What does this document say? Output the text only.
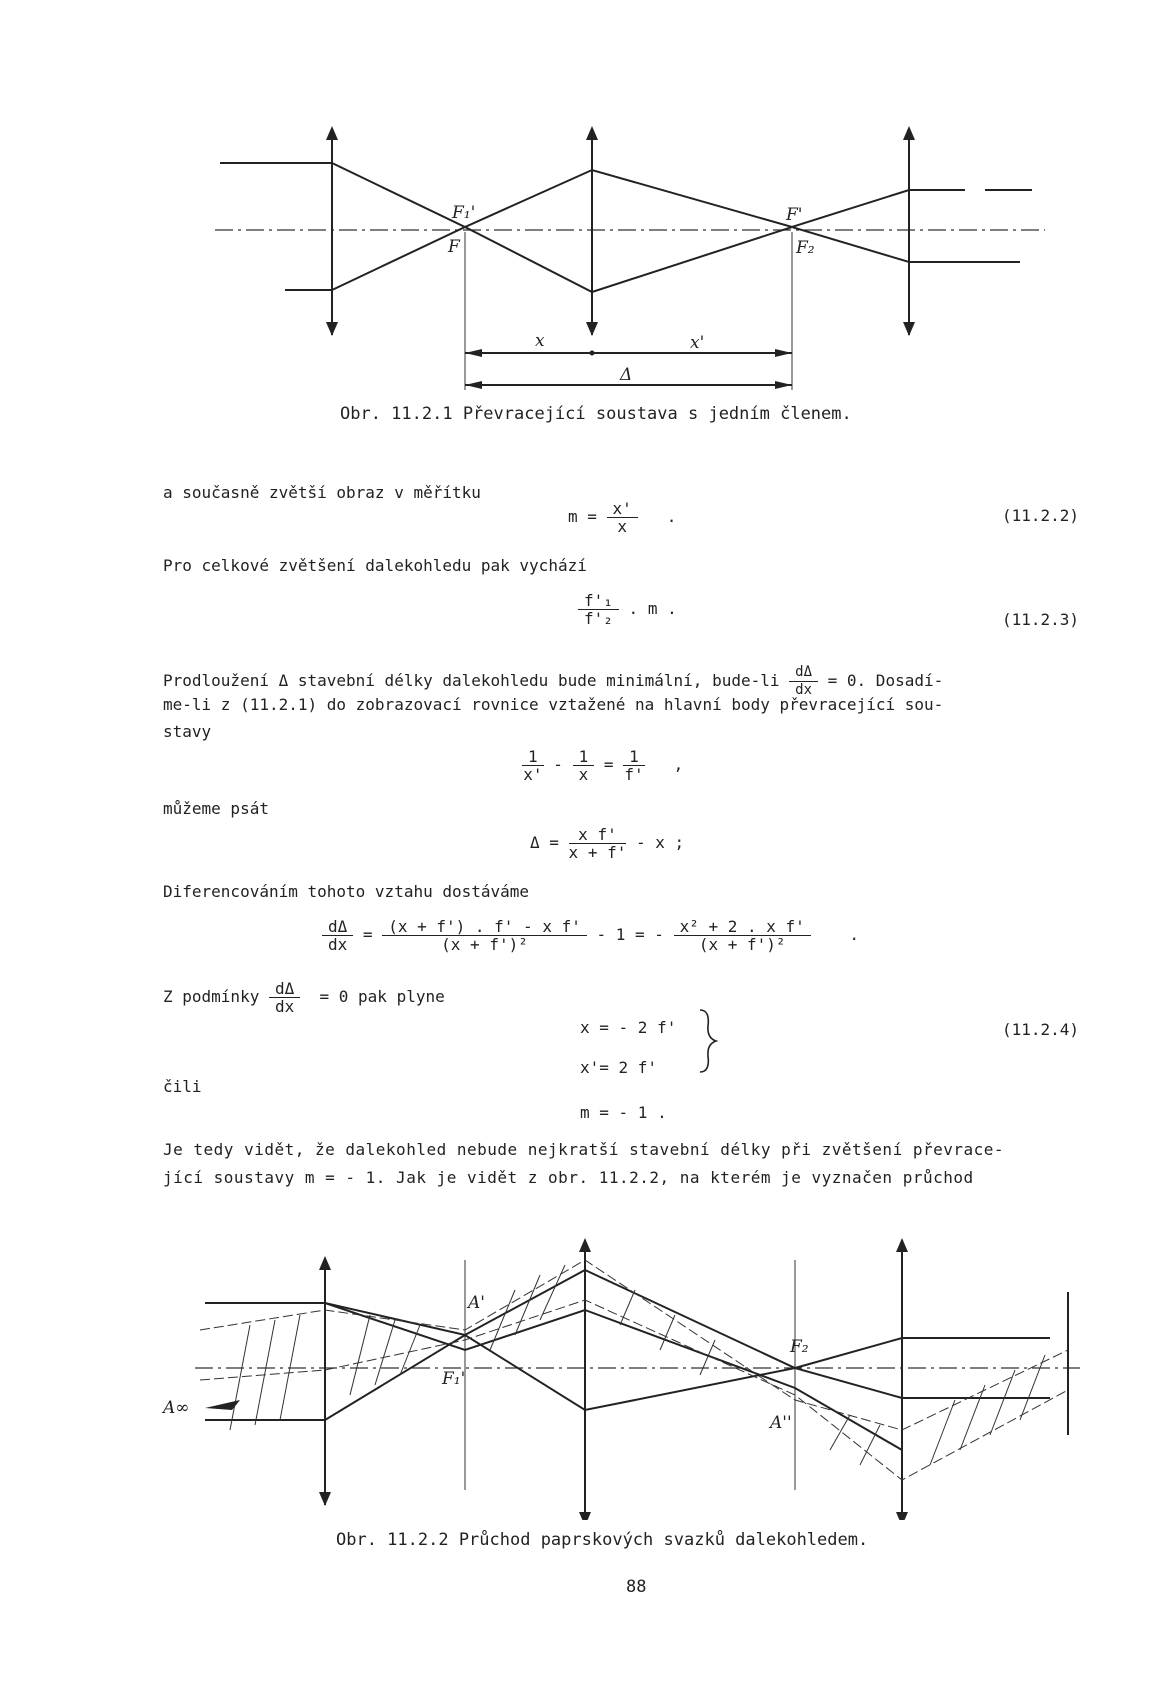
F₁'
F
F'
F₂
x	x'
Δ
Obr. 11.2.1 Převracející soustava s jedním členem.
a současně zvětší obraz v měřítku
$m = \frac{x'}{x}$ .	(11.2.2)
Pro celkové zvětšení dalekohledu pak vychází
$\frac{\text{f'₁}}{\text{f'₂}}$ . m .
(11.2.3)
Prodloužení Δ stavební délky dalekohledu bude minimální, bude-li $\frac{d\Delta}{dx} = 0$. Dosadí-
me-li z (11.2.1) do zobrazovací rovnice vztažené na hlavní body převracející sou-
stavy
$\frac{1}{x'} - \frac{1}{x} = \frac{1}{f'}$ ,
můžeme psát
$\Delta = \frac{\text{x f'}}{x + f'} - x$ ;
Diferencováním tohoto vztahu dostáváme
$\frac{d\Delta}{dx} = \frac{\text{(x + f') . f' - x f'}}{\text{(x + f')²}} - 1$ = - $\frac{\text{x² + 2 . x f'}}{\text{(x + f')²}}$ .
Z podmínky $\frac{d\Delta}{dx} = 0$ pak plyne
x = - 2 f'
x'= 2 f'
(11.2.4)
čili
m = - 1 .
Je tedy vidět, že dalekohled nebude nejkratší stavební délky při zvětšení převrace-
jící soustavy m = - 1. Jak je vidět z obr. 11.2.2, na kterém je vyznačen průchod
A∞
A'
F₁'
F₂
A''
Obr. 11.2.2 Průchod paprskových svazků dalekohledem.
88
